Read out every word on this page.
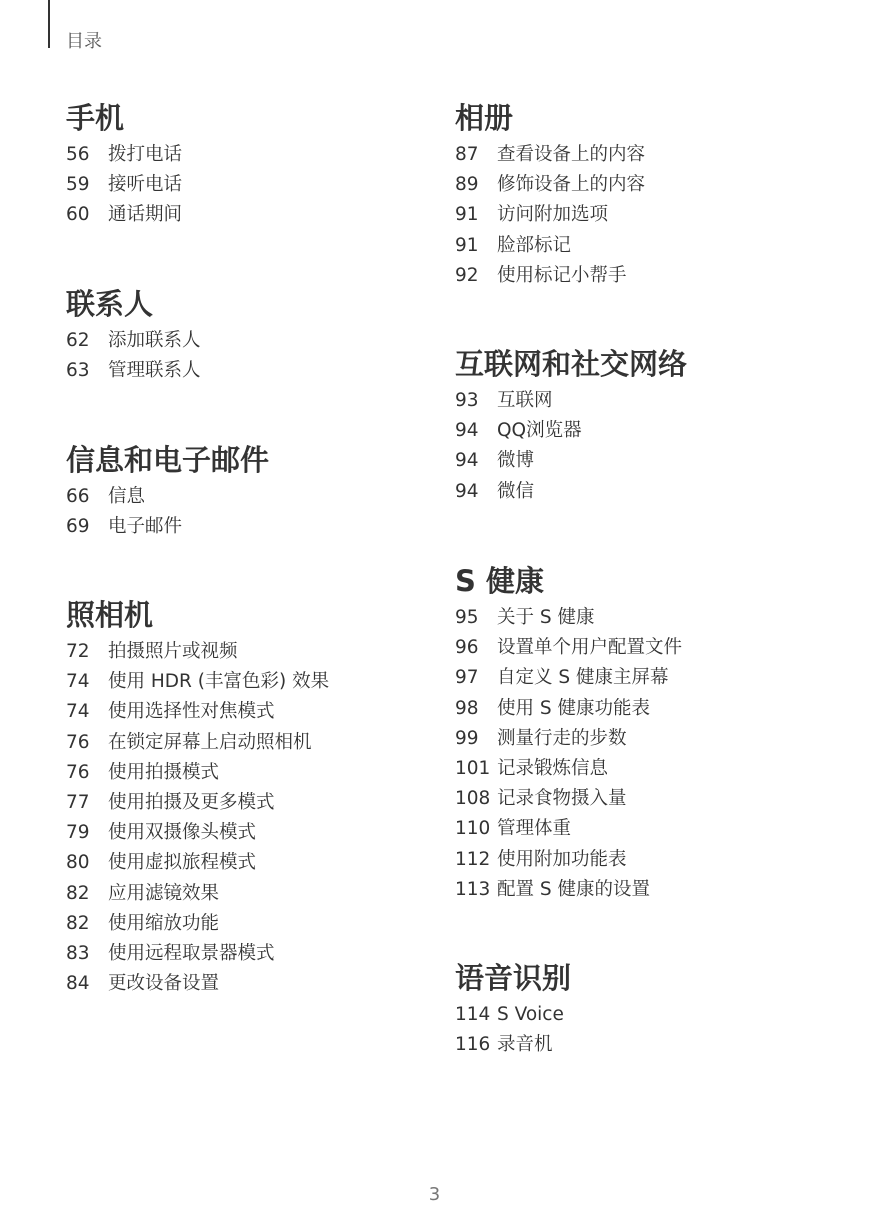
目录
手机
56 拨打电话
59 接听电话
60 通话期间
联系人
62 添加联系人
63 管理联系人
信息和电子邮件
66 信息
69 电子邮件
照相机
72 拍摄照片或视频
74 使用 HDR (丰富色彩) 效果
74 使用选择性对焦模式
76 在锁定屏幕上启动照相机
76 使用拍摄模式
77 使用拍摄及更多模式
79 使用双摄像头模式
80 使用虚拟旅程模式
82 应用滤镜效果
82 使用缩放功能
83 使用远程取景器模式
84 更改设备设置
相册
87 查看设备上的内容
89 修饰设备上的内容
91 访问附加选项
91 脸部标记
92 使用标记小帮手
互联网和社交网络
93 互联网
94 QQ浏览器
94 微博
94 微信
S 健康
95 关于 S 健康
96 设置单个用户配置文件
97 自定义 S 健康主屏幕
98 使用 S 健康功能表
99 测量行走的步数
101 记录锻炼信息
108 记录食物摄入量
110 管理体重
112 使用附加功能表
113 配置 S 健康的设置
语音识别
114 S Voice
116 录音机
3
